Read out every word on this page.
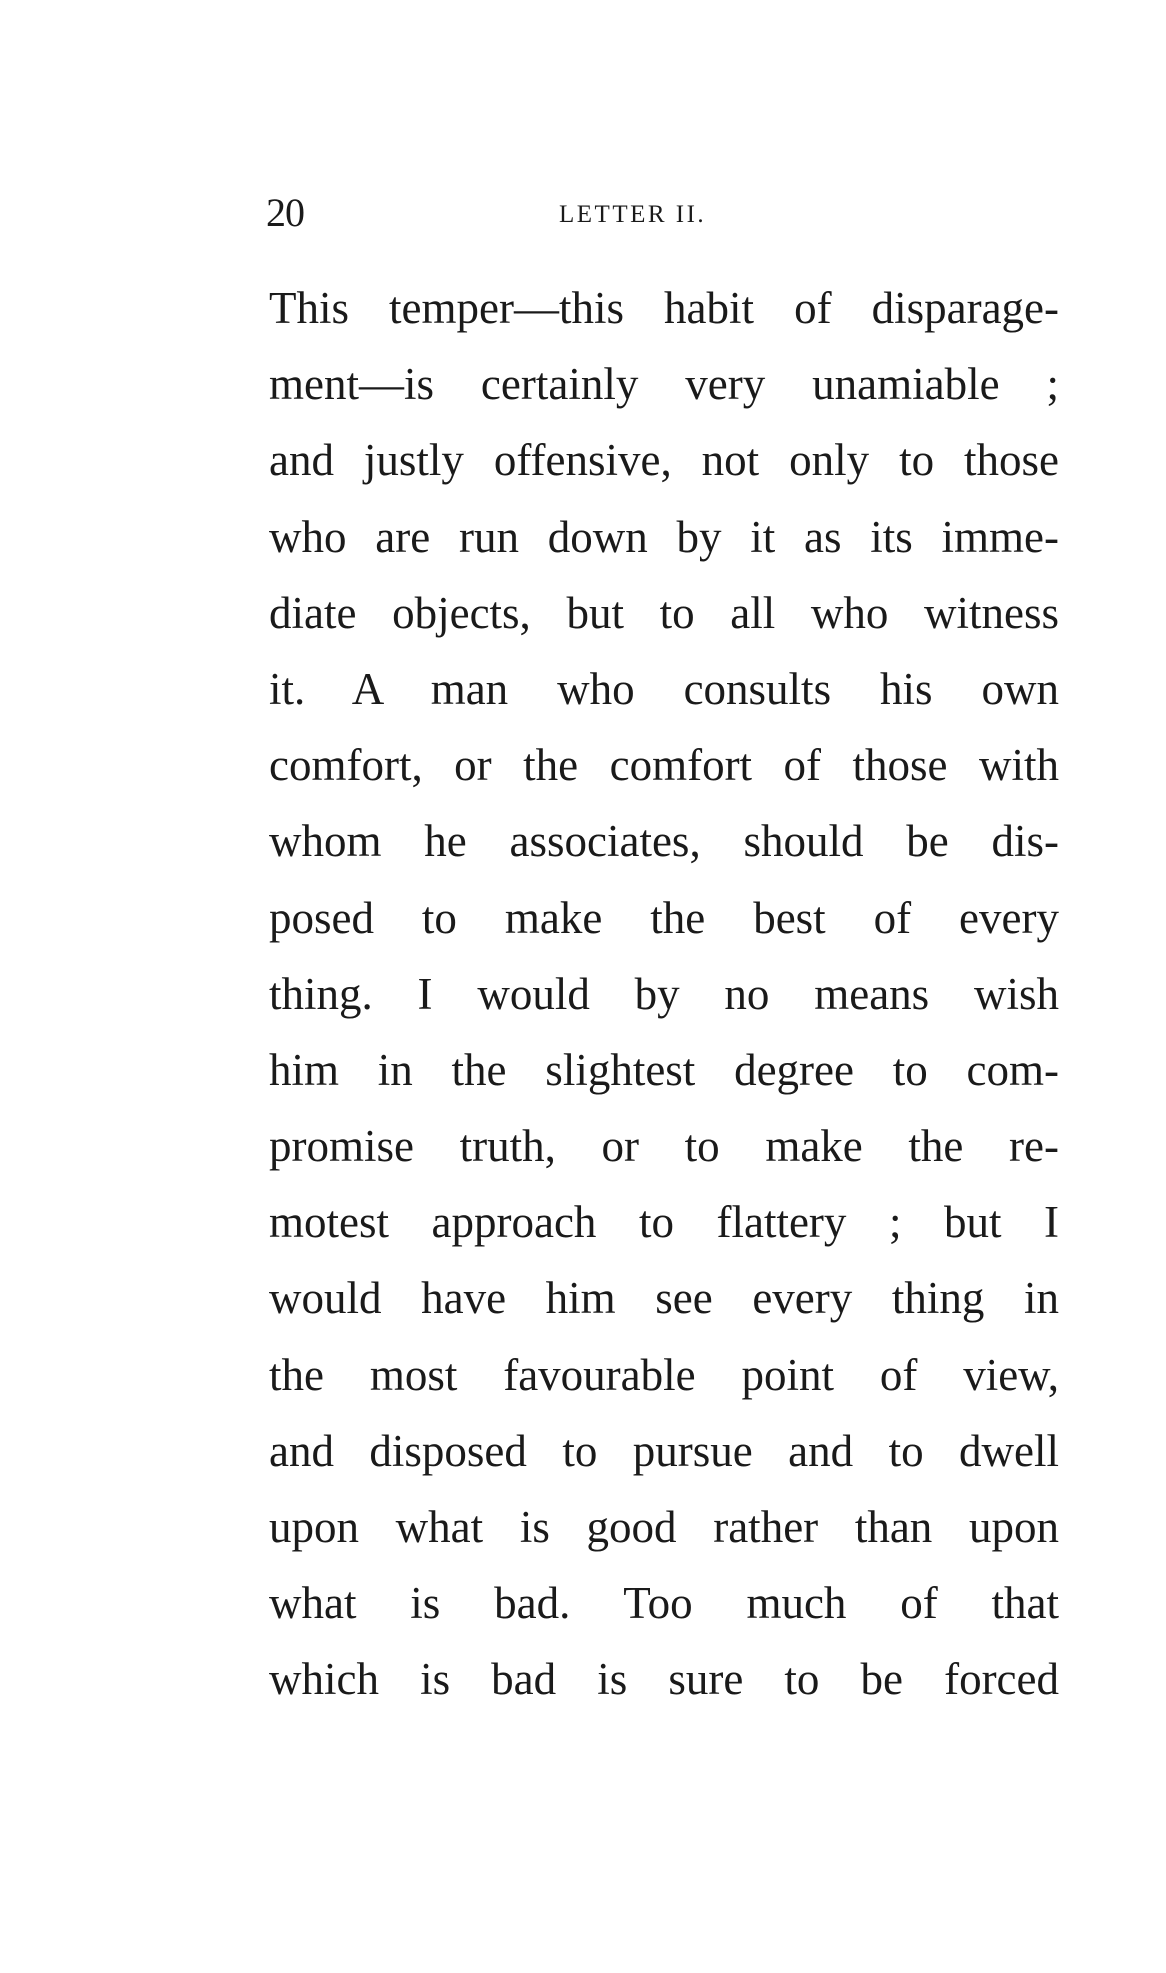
20	LETTER II.
This temper—this habit of disparage-
ment—is certainly very unamiable ;
and justly offensive, not only to those
who are run down by it as its imme-
diate objects, but to all who witness
it. A man who consults his own
comfort, or the comfort of those with
whom he associates, should be dis-
posed to make the best of every
thing. I would by no means wish
him in the slightest degree to com-
promise truth, or to make the re-
motest approach to flattery ; but I
would have him see every thing in
the most favourable point of view,
and disposed to pursue and to dwell
upon what is good rather than upon
what is bad. Too much of that
which is bad is sure to be forced
